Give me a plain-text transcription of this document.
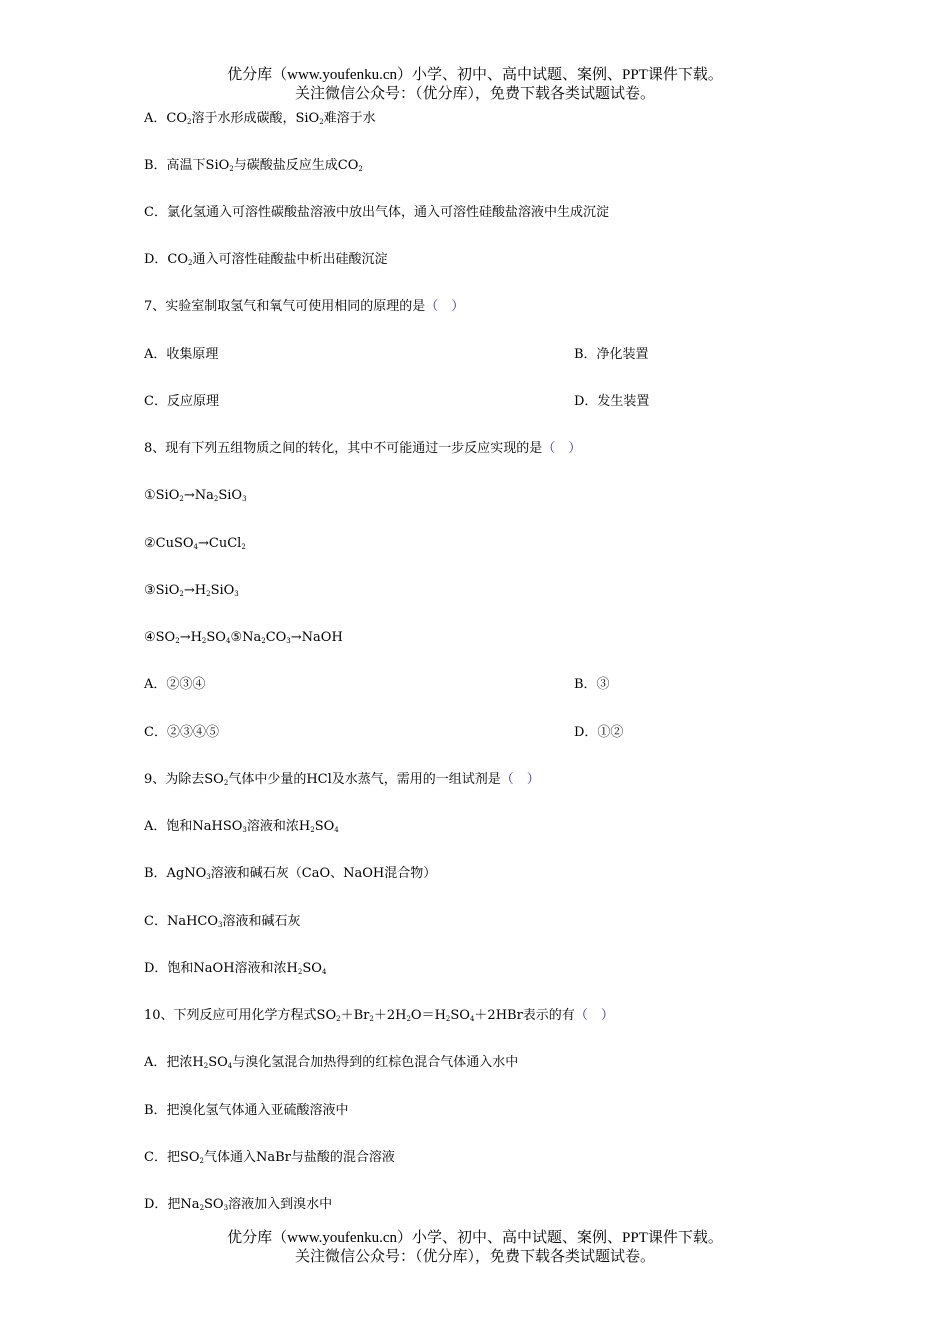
优分库（www.youfenku.cn）小学、初中、高中试题、案例、PPT课件下载。
关注微信公众号：（优分库），免费下载各类试题试卷。
A．$CO_2$溶于水形成碳酸，SiO$_2$难溶于水
B．高温下SiO$_2$与碳酸盐反应生成$CO_2$
C．氯化氢通入可溶性碳酸盐溶液中放出气体，通入可溶性硅酸盐溶液中生成沉淀
D．$CO_2$通入可溶性硅酸盐中析出硅酸沉淀
7、实验室制取氢气和氧气可使用相同的原理的是（　）
A．收集原理	B．净化装置
C．反应原理	D．发生装置
8、现有下列五组物质之间的转化，其中不可能通过一步反应实现的是（　）
$①SiO_2\to Na_2SiO_3$
②CuSO$_4$→CuCl$_2$
$③SiO_2\to H_2SiO_3$
$④SO_2\to H_2SO_4⑤Na_2CO_3\to NaOH$
A．②③④	B．③
C．②③④⑤	D．①②
9、为除去$SO_2$气体中少量的HCl及水蒸气，需用的一组试剂是（　）
A．饱和NaHSO$_3$溶液和浓$H_2SO_4$
B．AgNO$_3$溶液和碱石灰（CaO、NaOH混合物）
C．NaHCO$_3$溶液和碱石灰
D．饱和NaOH溶液和浓$H_2SO_4$
10、下列反应可用化学方程式$SO_2+Br_2+2H_2O=H_2SO_4+2HBr$表示的有（　）
A．把浓$H_2SO_4$与溴化氢混合加热得到的红棕色混合气体通入水中
B．把溴化氢气体通入亚硫酸溶液中
C．把$SO_2$气体通入NaBr与盐酸的混合溶液
D．把$Na_2SO_3$溶液加入到溴水中
优分库（www.youfenku.cn）小学、初中、高中试题、案例、PPT课件下载。
关注微信公众号：（优分库），免费下载各类试题试卷。
